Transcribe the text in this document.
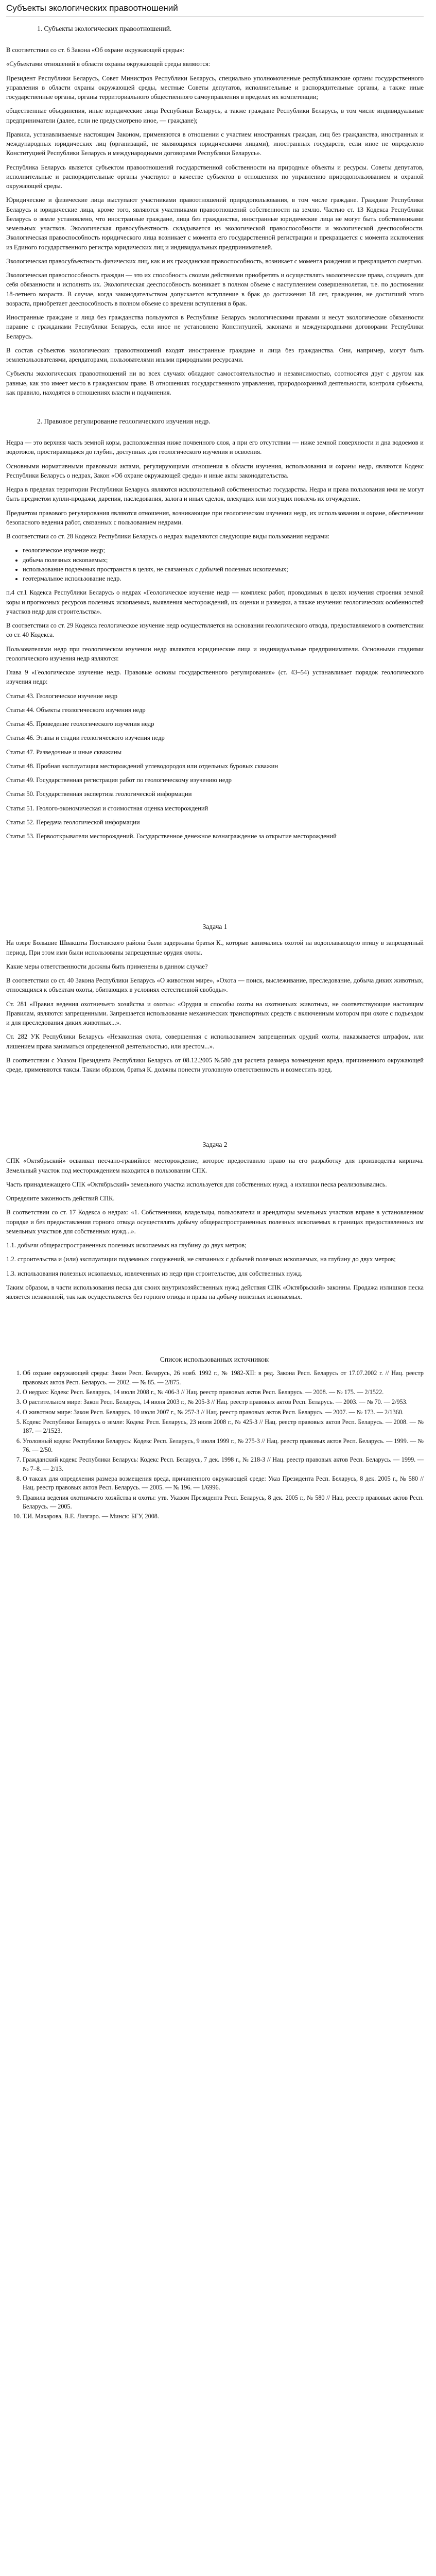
Субъекты экологических правоотношений
1. Субъекты экологических правоотношений.

В соответствии со ст. 6 Закона «Об охране окружающей среды»:

«Субъектами отношений в области охраны окружающей среды являются:

Президент Республики Беларусь, Совет Министров Республики Беларусь, специально уполномоченные республиканские органы государственного управления в области охраны окружающей среды, местные Советы депутатов, исполнительные и распорядительные органы, а также иные государственные органы, органы территориального общественного самоуправления в пределах их компетенции;

общественные объединения, иные юридические лица Республики Беларусь, а также граждане Республики Беларусь, в том числе индивидуальные предприниматели (далее, если не предусмотрено иное, — граждане);

Правила, устанавливаемые настоящим Законом, применяются в отношении с участием иностранных граждан, лиц без гражданства, иностранных и международных юридических лиц (организаций, не являющихся юридическими лицами), иностранных государств, если иное не определено Конституцией Республики Беларусь и международными договорами Республики Беларусь».

Республика Беларусь является субъектом правоотношений государственной собственности на природные объекты и ресурсы. Советы депутатов, исполнительные и распорядительные органы участвуют в качестве субъектов в отношениях по управлению природопользованием и охраной окружающей среды.

Юридические и физические лица выступают участниками правоотношений природопользования, в том числе граждане. Граждане Республики Беларусь и юридические лица, кроме того, являются участниками правоотношений собственности на землю. Частью ст. 13 Кодекса Республики Беларусь о земле установлено, что иностранные граждане, лица без гражданства, иностранные юридические лица не могут быть собственниками земельных участков. Экологическая правосубъектность складывается из экологической правоспособности и экологической дееспособности. Экологическая правоспособность юридического лица возникает с момента его государственной регистрации и прекращается с момента исключения из Единого государственного регистра юридических лиц и индивидуальных предпринимателей.

Экологическая правосубъектность физических лиц, как и их гражданская правоспособность, возникает с момента рождения и прекращается смертью.

Экологическая правоспособность граждан — это их способность своими действиями приобретать и осуществлять экологические права, создавать для себя обязанности и исполнять их. Экологическая дееспособность возникает в полном объеме с наступлением совершеннолетия, т.е. по достижении 18-летнего возраста. В случае, когда законодательством допускается вступление в брак до достижения 18 лет, гражданин, не достигший этого возраста, приобретает дееспособность в полном объеме со времени вступления в брак.

Иностранные граждане и лица без гражданства пользуются в Республике Беларусь экологическими правами и несут экологические обязанности наравне с гражданами Республики Беларусь, если иное не установлено Конституцией, законами и международными договорами Республики Беларусь.

В состав субъектов экологических правоотношений входят иностранные граждане и лица без гражданства. Они, например, могут быть землепользователями, арендаторами, пользователями иными природными ресурсами.

Субъекты экологических правоотношений ни во всех случаях обладают самостоятельностью и независимостью, соотносятся друг с другом как равные, как это имеет место в гражданском праве. В отношениях государственного управления, природоохранной деятельности, контроля субъекты, как правило, находятся в отношениях власти и подчинения.

2. Правовое регулирование геологического изучения недр.

Недра — это верхняя часть земной коры, расположенная ниже почвенного слоя, а при его отсутствии — ниже земной поверхности и дна водоемов и водотоков, простирающаяся до глубин, доступных для геологического изучения и освоения.

Основными нормативными правовыми актами, регулирующими отношения в области изучения, использования и охраны недр, являются Кодекс Республики Беларусь о недрах, Закон «Об охране окружающей среды» и иные акты законодательства.

Недра в пределах территории Республики Беларусь являются исключительной собственностью государства. Недра и права пользования ими не могут быть предметом купли-продажи, дарения, наследования, залога и иных сделок, влекущих или могущих повлечь их отчуждение.

Предметом правового регулирования являются отношения, возникающие при геологическом изучении недр, их использовании и охране, обеспечении безопасного ведения работ, связанных с пользованием недрами.

В соответствии со ст. 28 Кодекса Республики Беларусь о недрах выделяются следующие виды пользования недрами:

• геологическое изучение недр;
• добыча полезных ископаемых;
• использование подземных пространств в целях, не связанных с добычей полезных ископаемых;
• геотермальное использование недр.

п.4 ст.1 Кодекса Республики Беларусь о недрах «Геологическое изучение недр — комплекс работ, проводимых в целях изучения строения земной коры и прогнозных ресурсов полезных ископаемых, выявления месторождений, их оценки и разведки, а также изучения геологических особенностей участков недр для строительства».

В соответствии со ст. 29 Кодекса геологическое изучение недр осуществляется на основании геологического отвода, предоставляемого в соответствии со ст. 40 Кодекса.

Пользователями недр при геологическом изучении недр являются юридические лица и индивидуальные предприниматели. Основными стадиями геологического изучения недр являются:

Глава 9 «Геологическое изучение недр. Правовые основы государственного регулирования» (ст. 43–54) устанавливает порядок геологического изучения недр:

Статья 43. Геологическое изучение недр

Статья 44. Объекты геологического изучения недр

Статья 45. Проведение геологического изучения недр

Статья 46. Этапы и стадии геологического изучения недр

Статья 47. Разведочные и иные скважины

Статья 48. Пробная эксплуатация месторождений углеводородов или отдельных буровых скважин

Статья 49. Государственная регистрация работ по геологическому изучению недр

Статья 50. Государственная экспертиза геологической информации

Статья 51. Геолого-экономическая и стоимостная оценка месторождений

Статья 52. Передача геологической информации

Статья 53. Первооткрыватели месторождений. Государственное денежное вознаграждение за открытие месторождений

Задача 1

На озере Большие Швакшты Поставского района были задержаны братья К., которые занимались охотой на водоплавающую птицу в запрещенный период. При этом ими были использованы запрещенные орудия охоты.

Какие меры ответственности должны быть применены в данном случае?

В соответствии со ст. 40 Закона Республики Беларусь «О животном мире», «Охота — поиск, выслеживание, преследование, добыча диких животных, относящихся к объектам охоты, обитающих в условиях естественной свободы».

Ст. 281 «Правил ведения охотничьего хозяйства и охоты»: «Орудия и способы охоты на охотничьих животных, не соответствующие настоящим Правилам, являются запрещенными. Запрещается использование механических транспортных средств с включенным мотором при охоте с подъездом и для преследования диких животных...».

Ст. 282 УК Республики Беларусь «Незаконная охота, совершенная с использованием запрещенных орудий охоты, наказывается штрафом, или лишением права заниматься определенной деятельностью, или арестом...».

В соответствии с Указом Президента Республики Беларусь от 08.12.2005 №580 для расчета размера возмещения вреда, причиненного окружающей среде, применяются таксы. Таким образом, братья К. должны понести уголовную ответственность и возместить вред.

Задача 2

СПК «Октябрьский» осваивал песчано-гравийное месторождение, которое предоставило право на его разработку для производства кирпича. Земельный участок под месторождением находится в пользовании СПК.

Часть принадлежащего СПК «Октябрьский» земельного участка используется для собственных нужд, а излишки песка реализовывались.

Определите законность действий СПК.

В соответствии со ст. 17 Кодекса о недрах: «1. Собственники, владельцы, пользователи и арендаторы земельных участков вправе в установленном порядке и без предоставления горного отвода осуществлять добычу общераспространенных полезных ископаемых в границах предоставленных им земельных участков для собственных нужд...».

1.1. добычи общераспространенных полезных ископаемых на глубину до двух метров;

1.2. строительства и (или) эксплуатации подземных сооружений, не связанных с добычей полезных ископаемых, на глубину до двух метров;

1.3. использования полезных ископаемых, извлеченных из недр при строительстве, для собственных нужд.

Таким образом, в части использования песка для своих внутрихозяйственных нужд действия СПК «Октябрьский» законны. Продажа излишков песка является незаконной, так как осуществляется без горного отвода и права на добычу полезных ископаемых.

Список использованных источников:
1. Об охране окружающей среды: Закон Респ. Беларусь, 26 нояб. 1992 г., № 1982-XII: в ред. Закона Респ. Беларусь от 17.07.2002 г. // Нац. реестр правовых актов Респ. Беларусь. — 2002. — № 85. — 2/875.
2. О недрах: Кодекс Респ. Беларусь, 14 июля 2008 г., № 406-З // Нац. реестр правовых актов Респ. Беларусь. — 2008. — № 175. — 2/1522.
3. О растительном мире: Закон Респ. Беларусь, 14 июня 2003 г., № 205-З // Нац. реестр правовых актов Респ. Беларусь. — 2003. — № 70. — 2/953.
4. О животном мире: Закон Респ. Беларусь, 10 июля 2007 г., № 257-З // Нац. реестр правовых актов Респ. Беларусь. — 2007. — № 173. — 2/1360.
5. Кодекс Республики Беларусь о земле: Кодекс Респ. Беларусь, 23 июля 2008 г., № 425-З // Нац. реестр правовых актов Респ. Беларусь. — 2008. — № 187. — 2/1523.
6. Уголовный кодекс Республики Беларусь: Кодекс Респ. Беларусь, 9 июля 1999 г., № 275-З // Нац. реестр правовых актов Респ. Беларусь. — 1999. — № 76. — 2/50.
7. Гражданский кодекс Республики Беларусь: Кодекс Респ. Беларусь, 7 дек. 1998 г., № 218-З // Нац. реестр правовых актов Респ. Беларусь. — 1999. — № 7–8. — 2/13.
8. О таксах для определения размера возмещения вреда, причиненного окружающей среде: Указ Президента Респ. Беларусь, 8 дек. 2005 г., № 580 // Нац. реестр правовых актов Респ. Беларусь. — 2005. — № 196. — 1/6996.
9. Правила ведения охотничьего хозяйства и охоты: утв. Указом Президента Респ. Беларусь, 8 дек. 2005 г., № 580 // Нац. реестр правовых актов Респ. Беларусь. — 2005.
10. Т.И. Макарова, В.Е. Лизгаро. — Минск: БГУ, 2008.
